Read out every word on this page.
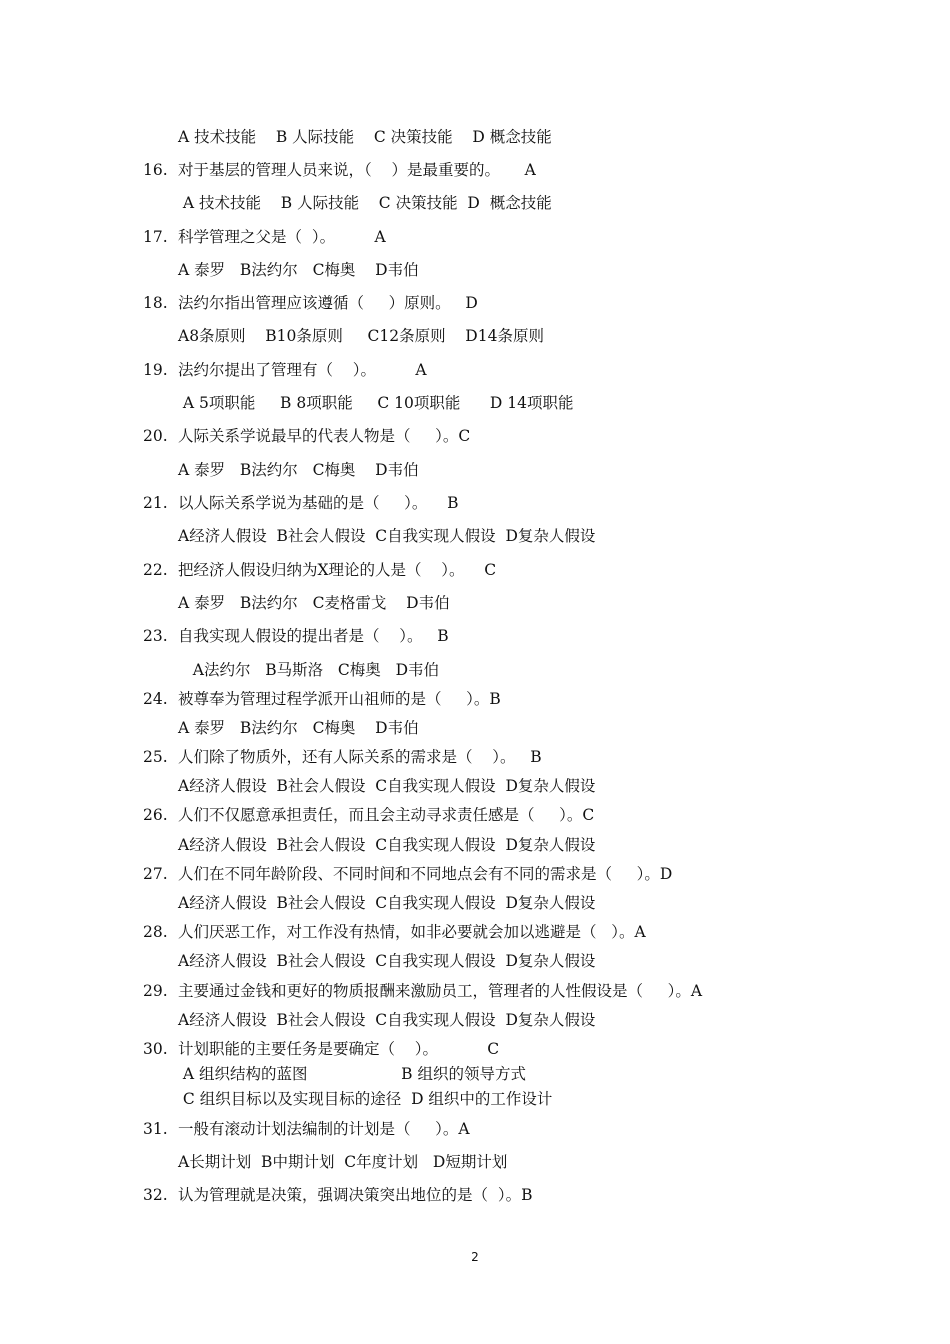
A 技术技能    B 人际技能    C 决策技能    D 概念技能
16. 对于基层的管理人员来说，（    ）是最重要的。     A
A 技术技能    B 人际技能    C 决策技能  D  概念技能
17. 科学管理之父是（  ）。        A
A 泰罗   B法约尔   C梅奥    D韦伯
18. 法约尔指出管理应该遵循（     ）原则。   D
A8条原则    B10条原则     C12条原则    D14条原则
19. 法约尔提出了管理有（    ）。        A
A 5项职能     B 8项职能     C 10项职能      D 14项职能
20. 人际关系学说最早的代表人物是（     ）。C
A 泰罗   B法约尔   C梅奥    D韦伯
21. 以人际关系学说为基础的是（     ）。    B
A经济人假设  B社会人假设  C自我实现人假设  D复杂人假设
22. 把经济人假设归纳为X理论的人是（    ）。    C
A 泰罗   B法约尔   C麦格雷戈    D韦伯
23. 自我实现人假设的提出者是（    ）。   B
A法约尔   B马斯洛   C梅奥   D韦伯
24. 被尊奉为管理过程学派开山祖师的是（     ）。B
A 泰罗   B法约尔   C梅奥    D韦伯
25. 人们除了物质外，还有人际关系的需求是（    ）。   B
A经济人假设  B社会人假设  C自我实现人假设  D复杂人假设
26. 人们不仅愿意承担责任，而且会主动寻求责任感是（     ）。C
A经济人假设  B社会人假设  C自我实现人假设  D复杂人假设
27. 人们在不同年龄阶段、不同时间和不同地点会有不同的需求是（     ）。D
A经济人假设  B社会人假设  C自我实现人假设  D复杂人假设
28. 人们厌恶工作，对工作没有热情，如非必要就会加以逃避是（   ）。A
A经济人假设  B社会人假设  C自我实现人假设  D复杂人假设
29. 主要通过金钱和更好的物质报酬来激励员工，管理者的人性假设是（     ）。A
A经济人假设  B社会人假设  C自我实现人假设  D复杂人假设
30. 计划职能的主要任务是要确定（    ）。          C
A 组织结构的蓝图                   B 组织的领导方式
C 组织目标以及实现目标的途径  D 组织中的工作设计
31. 一般有滚动计划法编制的计划是（     ）。A
A长期计划  B中期计划  C年度计划   D短期计划
32. 认为管理就是决策，强调决策突出地位的是（  ）。B
2
